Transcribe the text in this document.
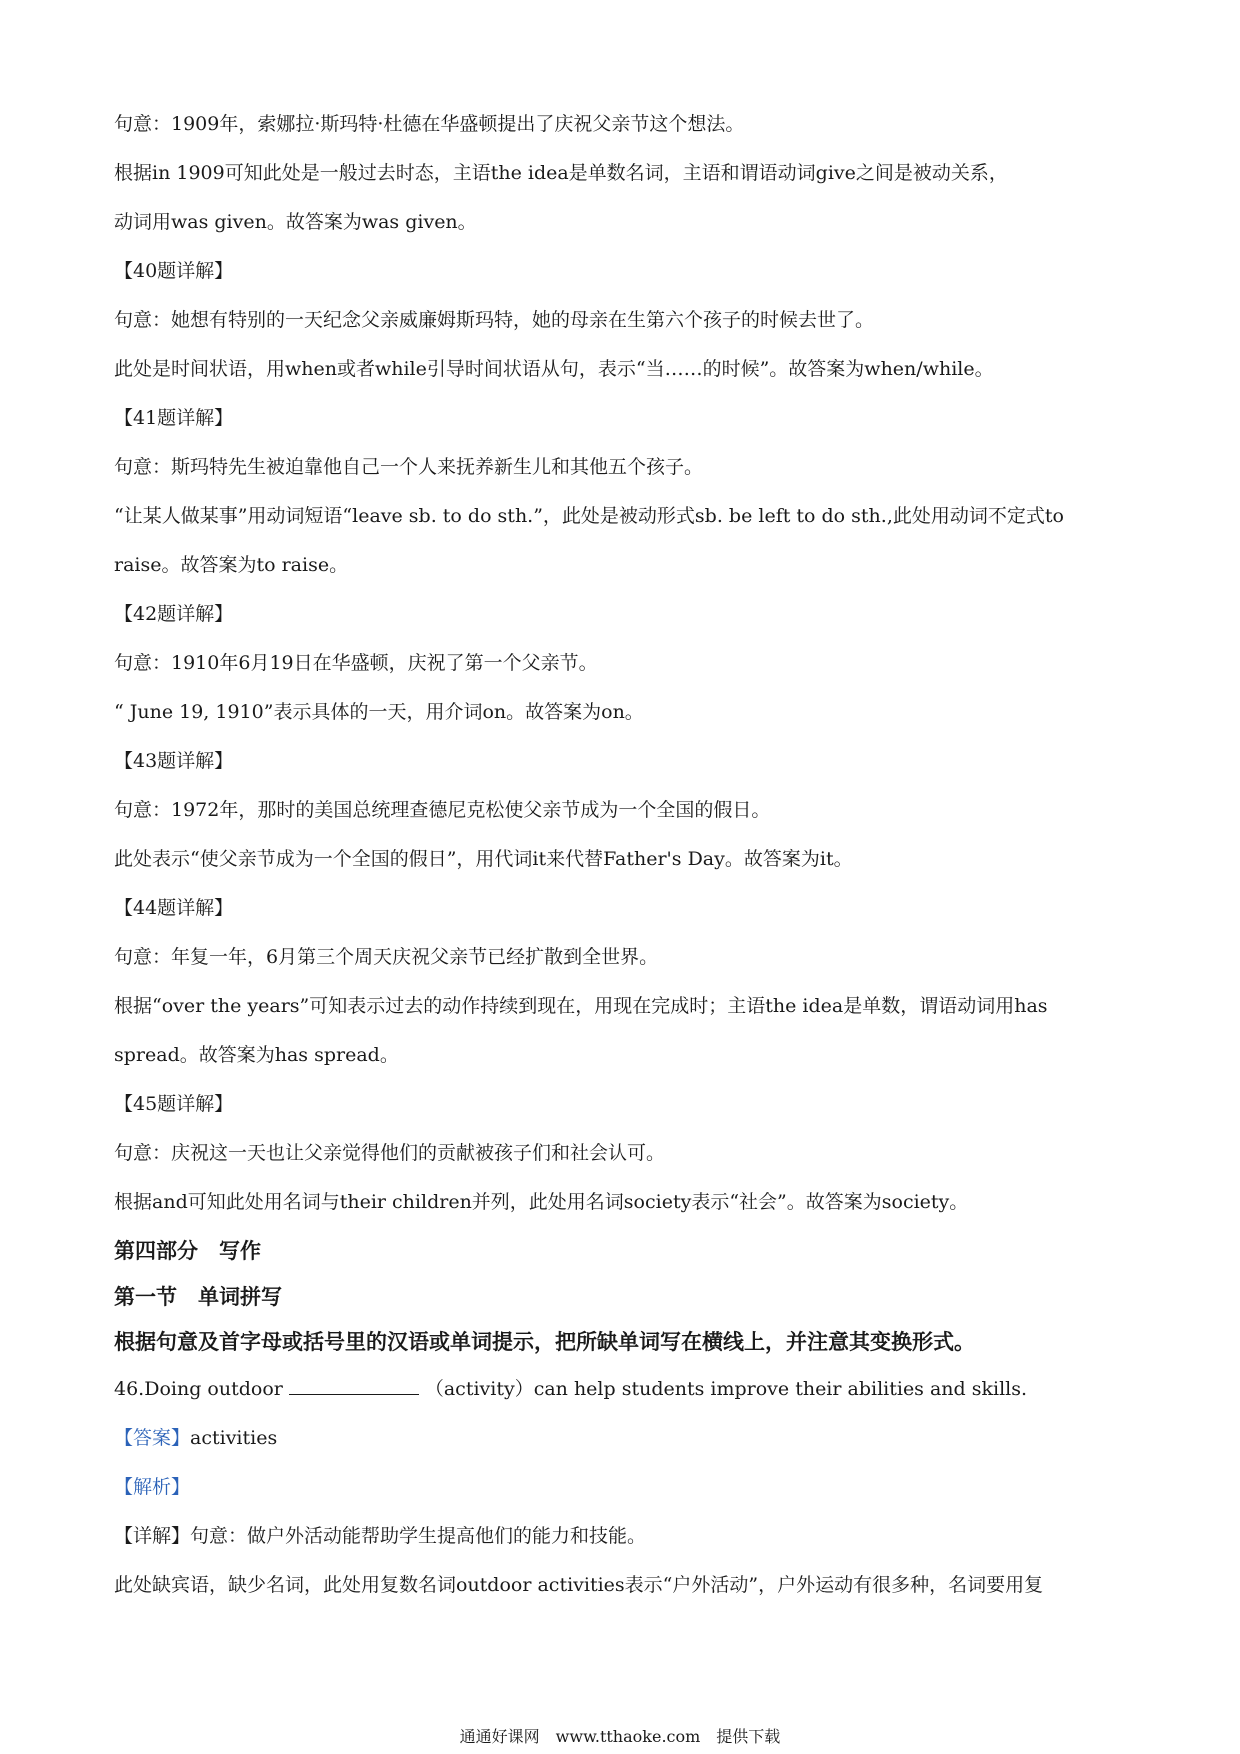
句意：1909年，索娜拉·斯玛特·杜德在华盛顿提出了庆祝父亲节这个想法。
根据in 1909可知此处是一般过去时态，主语the idea是单数名词，主语和谓语动词give之间是被动关系，
动词用was given。故答案为was given。
【40题详解】
句意：她想有特别的一天纪念父亲威廉姆斯玛特，她的母亲在生第六个孩子的时候去世了。
此处是时间状语，用when或者while引导时间状语从句，表示“当……的时候”。故答案为when/while。
【41题详解】
句意：斯玛特先生被迫靠他自己一个人来抚养新生儿和其他五个孩子。
“让某人做某事”用动词短语“leave sb. to do sth.”，此处是被动形式sb. be left to do sth.,此处用动词不定式to
raise。故答案为to raise。
【42题详解】
句意：1910年6月19日在华盛顿，庆祝了第一个父亲节。
“ June 19, 1910”表示具体的一天，用介词on。故答案为on。
【43题详解】
句意：1972年，那时的美国总统理查德尼克松使父亲节成为一个全国的假日。
此处表示“使父亲节成为一个全国的假日”，用代词it来代替Father's Day。故答案为it。
【44题详解】
句意：年复一年，6月第三个周天庆祝父亲节已经扩散到全世界。
根据“over the years”可知表示过去的动作持续到现在，用现在完成时；主语the idea是单数，谓语动词用has
spread。故答案为has spread。
【45题详解】
句意：庆祝这一天也让父亲觉得他们的贡献被孩子们和社会认可。
根据and可知此处用名词与their children并列，此处用名词society表示“社会”。故答案为society。
第四部分　写作
第一节　单词拼写
根据句意及首字母或括号里的汉语或单词提示，把所缺单词写在横线上，并注意其变换形式。
46.Doing outdoor	（activity）can help students improve their abilities and skills.
【答案】activities
【解析】
【详解】句意：做户外活动能帮助学生提高他们的能力和技能。
此处缺宾语，缺少名词，此处用复数名词outdoor activities表示“户外活动”，户外运动有很多种，名词要用复
通通好课网　www.tthaoke.com　提供下载
